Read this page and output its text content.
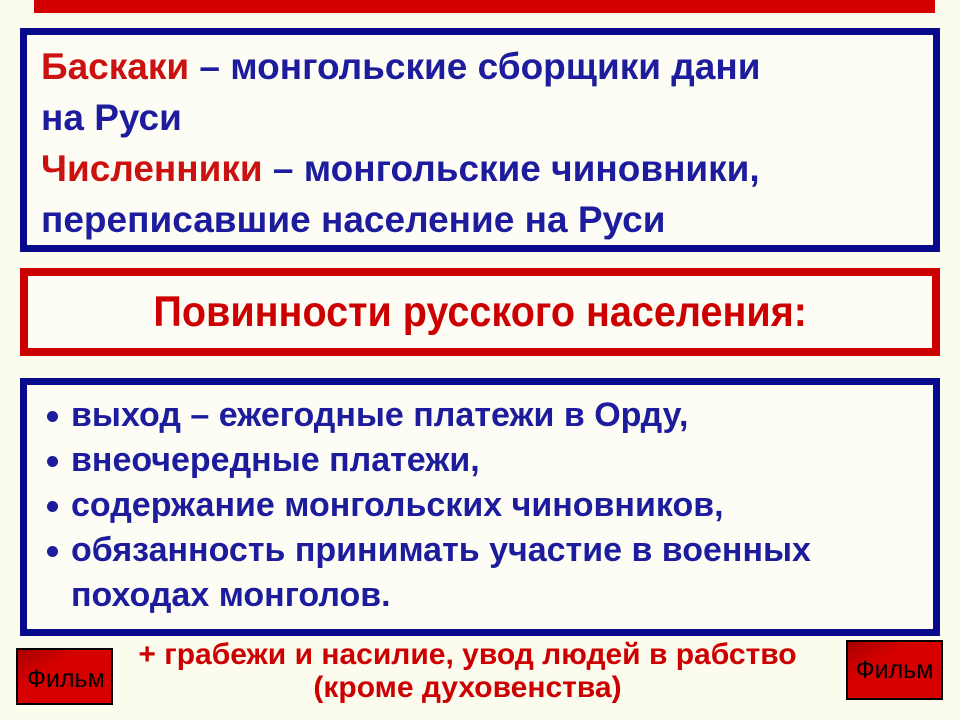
Баскаки – монгольские сборщики дани
на Руси
Численники – монгольские чиновники,
переписавшие население на Руси
Повинности русского населения:
выход – ежегодные платежи в Орду,
внеочередные платежи,
содержание монгольских чиновников,
обязанность принимать участие в военных
походах монголов.
+ грабежи и насилие, увод людей в рабство
(кроме духовенства)
Фильм	Фильм
